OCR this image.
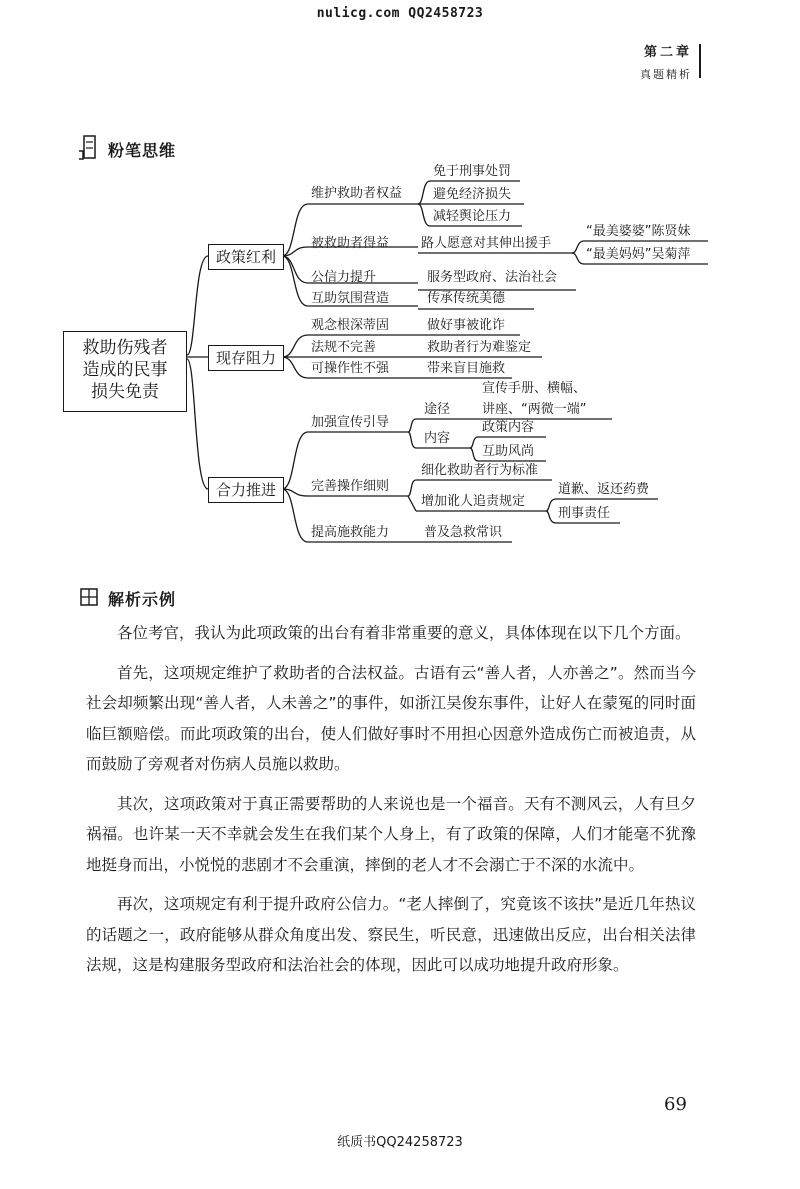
nulicg.com QQ2458723
第二章
真题精析
粉笔思维
救助伤残者
造成的民事
损失免责
政策红利
现存阻力
合力推进
维护救助者权益
免于刑事处罚
避免经济损失
减轻舆论压力
被救助者得益 路人愿意对其伸出援手
“最美婆婆”陈贤妹
“最美妈妈”吴菊萍
公信力提升	服务型政府、法治社会
互助氛围营造	传承传统美德
观念根深蒂固	做好事被讹诈
法规不完善	救助者行为难鉴定
可操作性不强	带来盲目施救
加强宣传引导
途径
宣传手册、横幅、
讲座、“两微一端”
内容
政策内容
互助风尚
完善操作细则
细化救助者行为标准
增加讹人追责规定
道歉、返还药费
刑事责任
提高施救能力	普及急救常识
解析示例

各位考官，我认为此项政策的出台有着非常重要的意义，具体体现在以下几个方面。

首先，这项规定维护了救助者的合法权益。古语有云“善人者，人亦善之”。然而当今社会却频繁出现“善人者，人未善之”的事件，如浙江吴俊东事件，让好人在蒙冤的同时面临巨额赔偿。而此项政策的出台，使人们做好事时不用担心因意外造成伤亡而被追责，从而鼓励了旁观者对伤病人员施以救助。

其次，这项政策对于真正需要帮助的人来说也是一个福音。天有不测风云，人有旦夕祸福。也许某一天不幸就会发生在我们某个人身上，有了政策的保障，人们才能毫不犹豫地挺身而出，小悦悦的悲剧才不会重演，摔倒的老人才不会溺亡于不深的水流中。

再次，这项规定有利于提升政府公信力。“老人摔倒了，究竟该不该扶”是近几年热议的话题之一，政府能够从群众角度出发、察民生，听民意，迅速做出反应，出台相关法律法规，这是构建服务型政府和法治社会的体现，因此可以成功地提升政府形象。

69
纸质书QQ24258723
